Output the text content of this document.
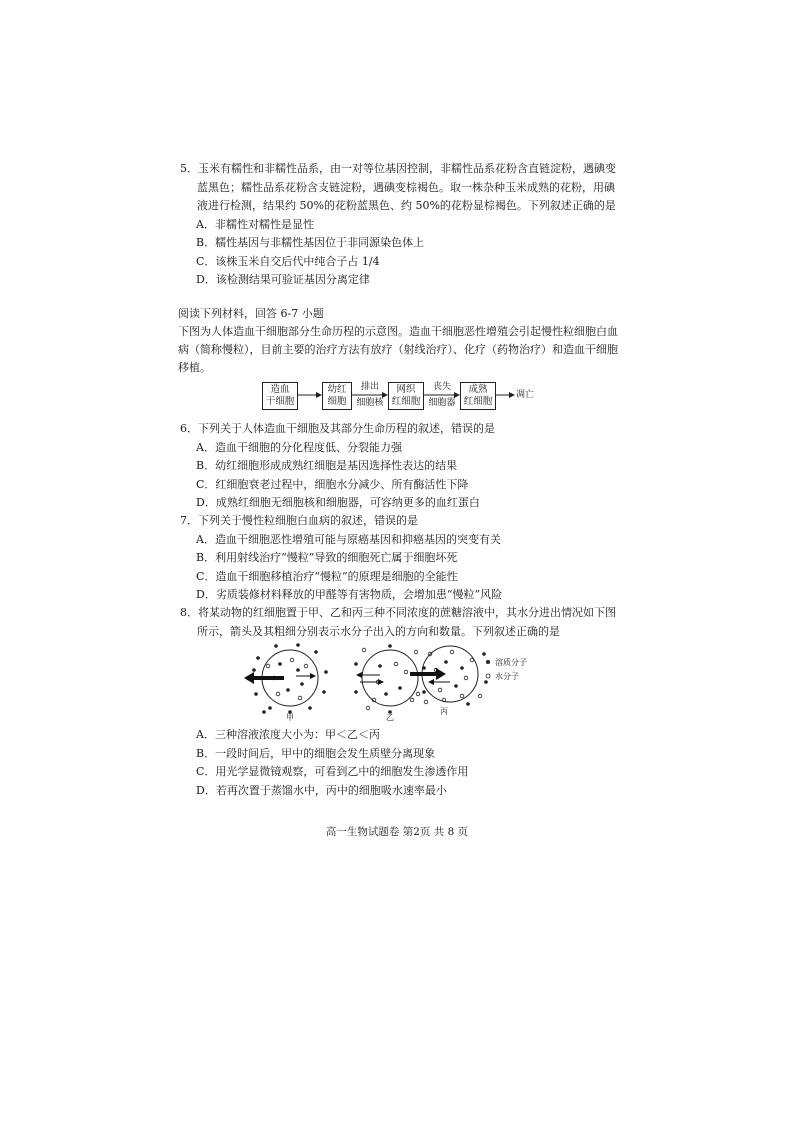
5．玉米有糯性和非糯性品系，由一对等位基因控制，非糯性品系花粉含直链淀粉，遇碘变蓝黑色；糯性品系花粉含支链淀粉，遇碘变棕褐色。取一株杂种玉米成熟的花粉，用碘液进行检测，结果约 50%的花粉蓝黑色、约 50%的花粉显棕褐色。下列叙述正确的是
A．非糯性对糯性是显性
B．糯性基因与非糯性基因位于非同源染色体上
C．该株玉米自交后代中纯合子占 1/4
D．该检测结果可验证基因分离定律
阅读下列材料，回答 6-7 小题
下图为人体造血干细胞部分生命历程的示意图。造血干细胞恶性增殖会引起慢性粒细胞白血病（简称慢粒），目前主要的治疗方法有放疗（射线治疗）、化疗（药物治疗）和造血干细胞移植。
造血
干细胞
幼红
细胞
网织
红细胞
成熟
红细胞
排出
细胞核
丧失
细胞器
凋亡
6．下列关于人体造血干细胞及其部分生命历程的叙述，错误的是
A．造血干细胞的分化程度低、分裂能力强
B．幼红细胞形成成熟红细胞是基因选择性表达的结果
C．红细胞衰老过程中，细胞水分减少、所有酶活性下降
D．成熟红细胞无细胞核和细胞器，可容纳更多的血红蛋白
7．下列关于慢性粒细胞白血病的叙述，错误的是
A．造血干细胞恶性增殖可能与原癌基因和抑癌基因的突变有关
B．利用射线治疗“慢粒”导致的细胞死亡属于细胞坏死
C．造血干细胞移植治疗“慢粒”的原理是细胞的全能性
D．劣质装修材料释放的甲醛等有害物质，会增加患“慢粒”风险
8．将某动物的红细胞置于甲、乙和丙三种不同浓度的蔗糖溶液中，其水分进出情况如下图所示，箭头及其粗细分别表示水分子出入的方向和数量。下列叙述正确的是
溶质分子
水分子
甲	乙
丙
A．三种溶液浓度大小为：甲＜乙＜丙
B．一段时间后，甲中的细胞会发生质壁分离现象
C．用光学显微镜观察，可看到乙中的细胞发生渗透作用
D．若再次置于蒸馏水中，丙中的细胞吸水速率最小
高一生物试题卷 第2页 共 8 页
